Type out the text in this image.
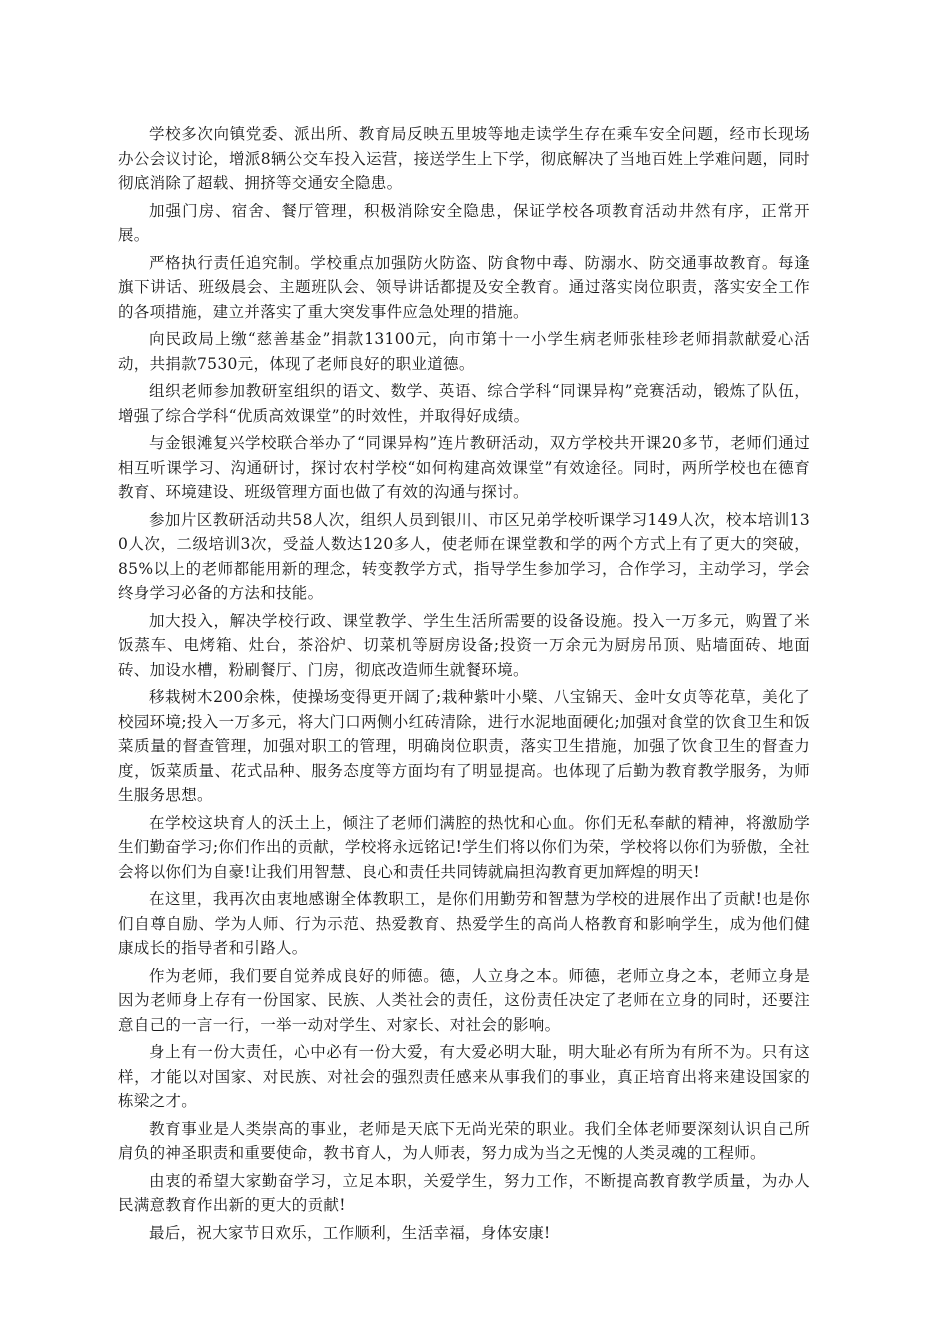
学校多次向镇党委、派出所、教育局反映五里坡等地走读学生存在乘车安全问题，经市长现场办公会议讨论，增派8辆公交车投入运营，接送学生上下学，彻底解决了当地百姓上学难问题，同时彻底消除了超载、拥挤等交通安全隐患。

加强门房、宿舍、餐厅管理，积极消除安全隐患，保证学校各项教育活动井然有序，正常开展。

严格执行责任追究制。学校重点加强防火防盗、防食物中毒、防溺水、防交通事故教育。每逢旗下讲话、班级晨会、主题班队会、领导讲话都提及安全教育。通过落实岗位职责，落实安全工作的各项措施，建立并落实了重大突发事件应急处理的措施。

向民政局上缴“慈善基金”捐款13100元，向市第十一小学生病老师张桂珍老师捐款献爱心活动，共捐款7530元，体现了老师良好的职业道德。

组织老师参加教研室组织的语文、数学、英语、综合学科“同课异构”竞赛活动，锻炼了队伍，增强了综合学科“优质高效课堂”的时效性，并取得好成绩。

与金银滩复兴学校联合举办了“同课异构”连片教研活动，双方学校共开课20多节，老师们通过相互听课学习、沟通研讨，探讨农村学校“如何构建高效课堂”有效途径。同时，两所学校也在德育教育、环境建设、班级管理方面也做了有效的沟通与探讨。

参加片区教研活动共58人次，组织人员到银川、市区兄弟学校听课学习149人次，校本培训130人次，二级培训3次，受益人数达120多人，使老师在课堂教和学的两个方式上有了更大的突破，85%以上的老师都能用新的理念，转变教学方式，指导学生参加学习，合作学习，主动学习，学会终身学习必备的方法和技能。

加大投入，解决学校行政、课堂教学、学生生活所需要的设备设施。投入一万多元，购置了米饭蒸车、电烤箱、灶台，茶浴炉、切菜机等厨房设备;投资一万余元为厨房吊顶、贴墙面砖、地面砖、加设水槽，粉刷餐厅、门房，彻底改造师生就餐环境。

移栽树木200余株，使操场变得更开阔了;栽种紫叶小檗、八宝锦天、金叶女贞等花草，美化了校园环境;投入一万多元，将大门口两侧小红砖清除，进行水泥地面硬化;加强对食堂的饮食卫生和饭菜质量的督查管理，加强对职工的管理，明确岗位职责，落实卫生措施，加强了饮食卫生的督查力度，饭菜质量、花式品种、服务态度等方面均有了明显提高。也体现了后勤为教育教学服务，为师生服务思想。

在学校这块育人的沃土上，倾注了老师们满腔的热忱和心血。你们无私奉献的精神，将激励学生们勤奋学习;你们作出的贡献，学校将永远铭记!学生们将以你们为荣，学校将以你们为骄傲，全社会将以你们为自豪!让我们用智慧、良心和责任共同铸就扁担沟教育更加辉煌的明天!

在这里，我再次由衷地感谢全体教职工，是你们用勤劳和智慧为学校的进展作出了贡献!也是你们自尊自励、学为人师、行为示范、热爱教育、热爱学生的高尚人格教育和影响学生，成为他们健康成长的指导者和引路人。

作为老师，我们要自觉养成良好的师德。德，人立身之本。师德，老师立身之本，老师立身是因为老师身上存有一份国家、民族、人类社会的责任，这份责任决定了老师在立身的同时，还要注意自己的一言一行，一举一动对学生、对家长、对社会的影响。

身上有一份大责任，心中必有一份大爱，有大爱必明大耻，明大耻必有所为有所不为。只有这样，才能以对国家、对民族、对社会的强烈责任感来从事我们的事业，真正培育出将来建设国家的栋梁之才。

教育事业是人类崇高的事业，老师是天底下无尚光荣的职业。我们全体老师要深刻认识自己所肩负的神圣职责和重要使命，教书育人，为人师表，努力成为当之无愧的人类灵魂的工程师。

由衷的希望大家勤奋学习，立足本职，关爱学生，努力工作，不断提高教育教学质量，为办人民满意教育作出新的更大的贡献!

最后，祝大家节日欢乐，工作顺利，生活幸福，身体安康!
